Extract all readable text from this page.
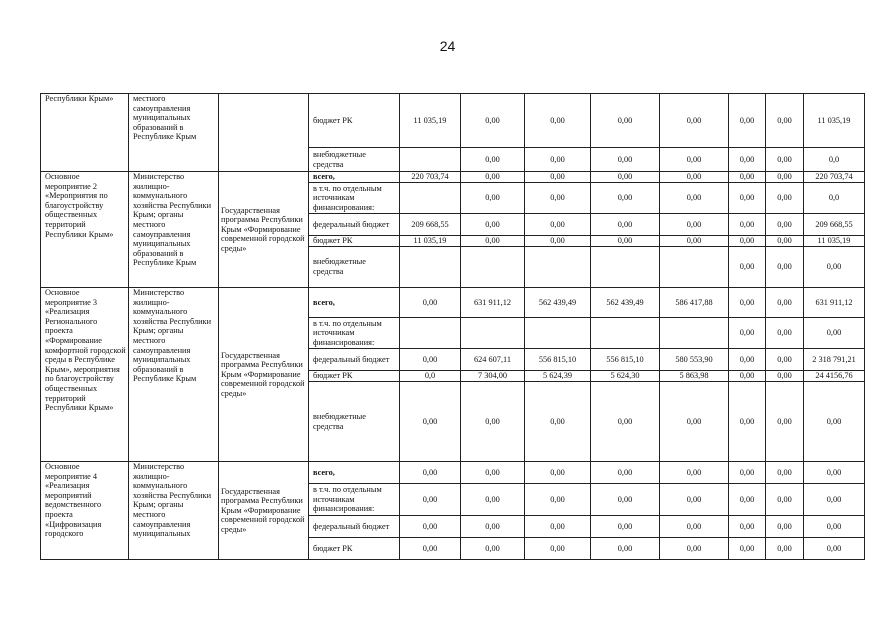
24
Республики Крым»	местного самоуправления муниципальных образований в Республике Крым		бюджет РК	11 035,19	0,00	0,00	0,00	0,00	0,00	0,00	11 035,19
			внебюджетные средства		0,00	0,00	0,00	0,00	0,00	0,00	0,0
Основное мероприятие 2 «Мероприятия по благоустройству общественных территорий Республики Крым»	Министерство жилищно-коммунального хозяйства Республики Крым; органы местного самоуправления муниципальных образований в Республике Крым	Государственная программа Республики Крым «Формирование современной городской среды»	всего,	220 703,74	0,00	0,00	0,00	0,00	0,00	0,00	220 703,74
			в т.ч. по отдельным источникам финансирования:		0,00	0,00	0,00	0,00	0,00	0,00	0,0
			федеральный бюджет	209 668,55	0,00	0,00	0,00	0,00	0,00	0,00	209 668,55
			бюджет РК	11 035,19	0,00	0,00	0,00	0,00	0,00	0,00	11 035,19
			внебюджетные средства						0,00	0,00	0,00
Основное мероприятие 3 «Реализация Регионального проекта «Формирование комфортной городской среды в Республике Крым», мероприятия по благоустройству общественных территорий Республики Крым»	Министерство жилищно-коммунального хозяйства Республики Крым; органы местного самоуправления муниципальных образований в Республике Крым	Государственная программа Республики Крым «Формирование современной городской среды»	всего,	0,00	631 911,12	562 439,49	562 439,49	586 417,88	0,00	0,00	631 911,12
			в т.ч. по отдельным источникам финансирования:						0,00	0,00	0,00
			федеральный бюджет	0,00	624 607,11	556 815,10	556 815,10	580 553,90	0,00	0,00	2 318 791,21
			бюджет РК	0,0	7 304,00	5 624,39	5 624,30	5 863,98	0,00	0,00	24 4156,76
			внебюджетные средства	0,00	0,00	0,00	0,00	0,00	0,00	0,00	0,00
Основное мероприятие 4 «Реализация мероприятий ведомственного проекта «Цифровизация городского	Министерство жилищно-коммунального хозяйства Республики Крым; органы местного самоуправления муниципальных	Государственная программа Республики Крым «Формирование современной городской среды»	всего,	0,00	0,00	0,00	0,00	0,00	0,00	0,00	0,00
			в т.ч. по отдельным источникам финансирования:	0,00	0,00	0,00	0,00	0,00	0,00	0,00	0,00
			федеральный бюджет	0,00	0,00	0,00	0,00	0,00	0,00	0,00	0,00
			бюджет РК	0,00	0,00	0,00	0,00	0,00	0,00	0,00	0,00
